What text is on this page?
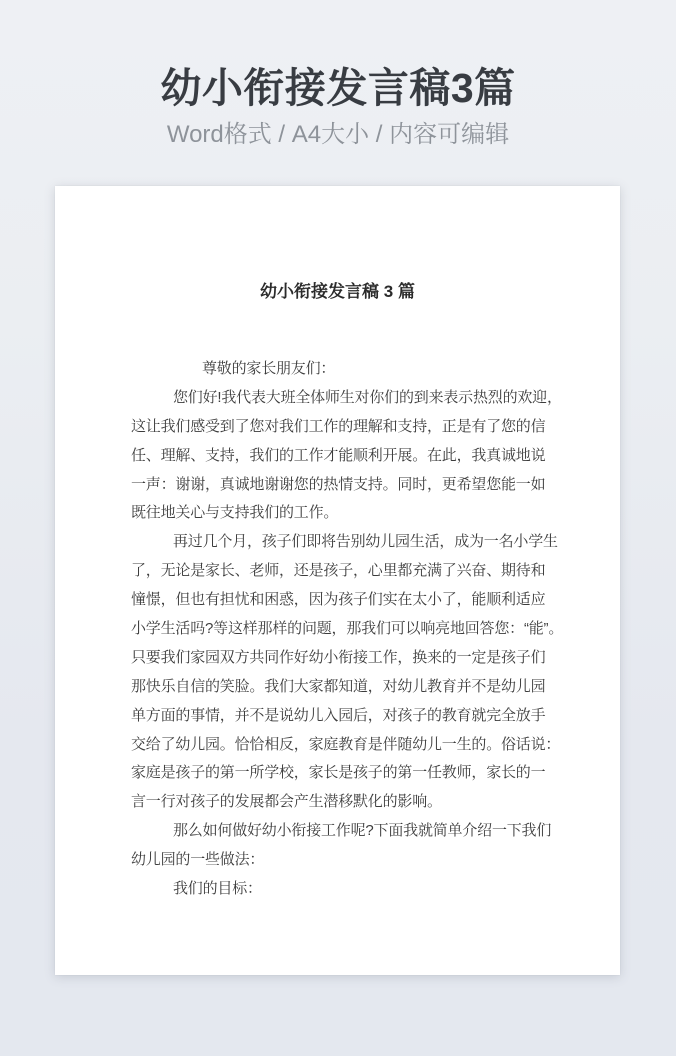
幼小衔接发言稿3篇

Word格式 / A4大小 / 内容可编辑

幼小衔接发言稿 3 篇
尊敬的家长朋友们：
您们好!我代表大班全体师生对你们的到来表示热烈的欢迎，
这让我们感受到了您对我们工作的理解和支持，正是有了您的信
任、理解、支持，我们的工作才能顺利开展。在此，我真诚地说
一声：谢谢，真诚地谢谢您的热情支持。同时，更希望您能一如
既往地关心与支持我们的工作。
再过几个月，孩子们即将告别幼儿园生活，成为一名小学生
了，无论是家长、老师，还是孩子，心里都充满了兴奋、期待和
憧憬，但也有担忧和困惑，因为孩子们实在太小了，能顺利适应
小学生活吗?等这样那样的问题，那我们可以响亮地回答您：“能”。
只要我们家园双方共同作好幼小衔接工作，换来的一定是孩子们
那快乐自信的笑脸。我们大家都知道，对幼儿教育并不是幼儿园
单方面的事情，并不是说幼儿入园后，对孩子的教育就完全放手
交给了幼儿园。恰恰相反，家庭教育是伴随幼儿一生的。俗话说：
家庭是孩子的第一所学校，家长是孩子的第一任教师，家长的一
言一行对孩子的发展都会产生潜移默化的影响。
那么如何做好幼小衔接工作呢?下面我就简单介绍一下我们
幼儿园的一些做法：
我们的目标：
